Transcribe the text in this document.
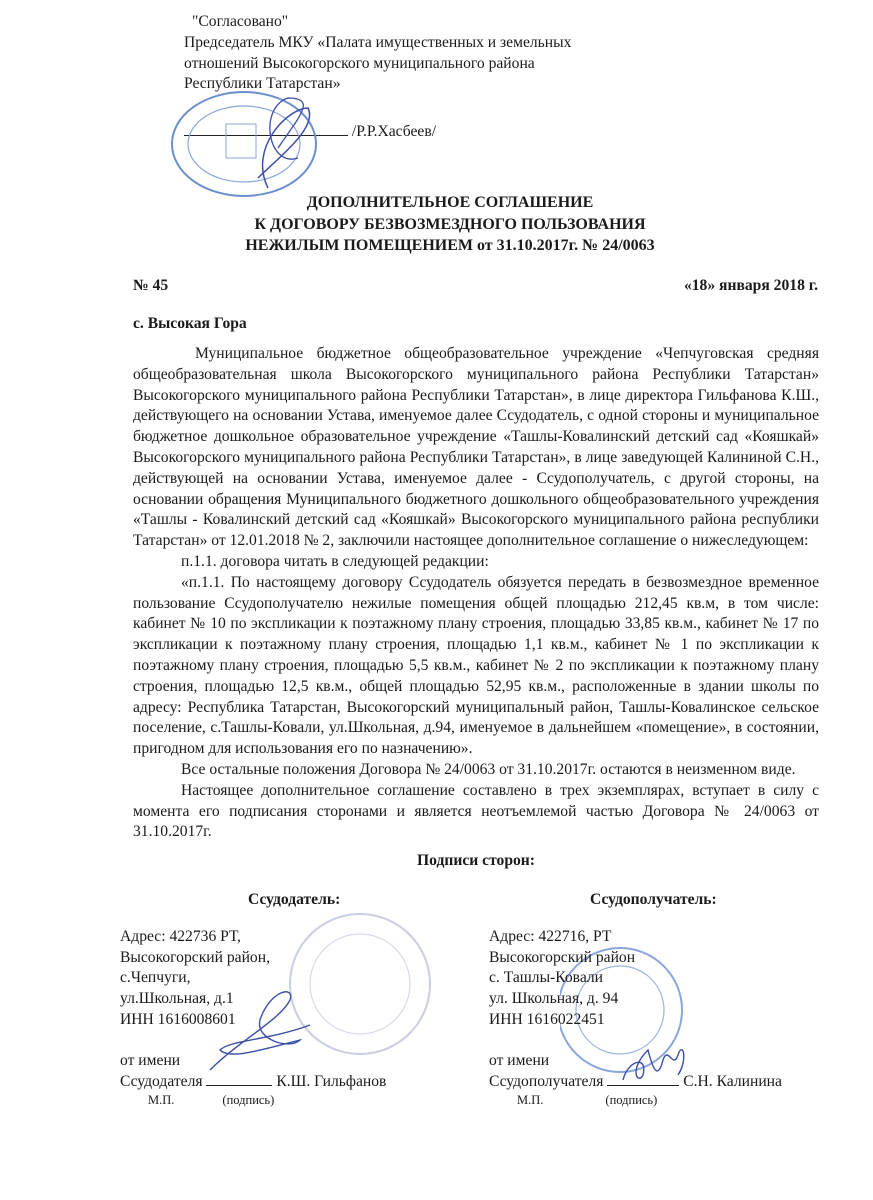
"Согласовано"
Председатель МКУ «Палата имущественных и земельных
отношений Высокогорского муниципального района
Республики Татарстан»
/Р.Р.Хасбеев/
ДОПОЛНИТЕЛЬНОЕ СОГЛАШЕНИЕ
К ДОГОВОРУ БЕЗВОЗМЕЗДНОГО ПОЛЬЗОВАНИЯ
НЕЖИЛЫМ ПОМЕЩЕНИЕМ от 31.10.2017г. № 24/0063
№ 45	«18» января 2018 г.
с. Высокая Гора
Муниципальное бюджетное общеобразовательное учреждение «Чепчуговская средняя общеобразовательная школа Высокогорского муниципального района Республики Татарстан» Высокогорского муниципального района Республики Татарстан», в лице директора Гильфанова К.Ш., действующего на основании Устава, именуемое далее Ссудодатель, с одной стороны и муниципальное бюджетное дошкольное образовательное учреждение «Ташлы-Ковалинский детский сад «Кояшкай» Высокогорского муниципального района Республики Татарстан», в лице заведующей Калининой С.Н., действующей на основании Устава, именуемое далее - Ссудополучатель, с другой стороны, на основании обращения Муниципального бюджетного дошкольного общеобразовательного учреждения «Ташлы - Ковалинский детский сад «Кояшкай» Высокогорского муниципального района республики Татарстан» от 12.01.2018 № 2, заключили настоящее дополнительное соглашение о нижеследующем:
п.1.1. договора читать в следующей редакции:
«п.1.1. По настоящему договору Ссудодатель обязуется передать в безвозмездное временное пользование Ссудополучателю нежилые помещения общей площадью 212,45 кв.м, в том числе: кабинет № 10 по экспликации к поэтажному плану строения, площадью 33,85 кв.м., кабинет № 17 по экспликации к поэтажному плану строения, площадью 1,1 кв.м., кабинет № 1 по экспликации к поэтажному плану строения, площадью 5,5 кв.м., кабинет № 2 по экспликации к поэтажному плану строения, площадью 12,5 кв.м., общей площадью 52,95 кв.м., расположенные в здании школы по адресу: Республика Татарстан, Высокогорский муниципальный район, Ташлы-Ковалинское сельское поселение, с.Ташлы-Ковали, ул.Школьная, д.94, именуемое в дальнейшем «помещение», в состоянии, пригодном для использования его по назначению».
Все остальные положения Договора № 24/0063 от 31.10.2017г. остаются в неизменном виде.
Настоящее дополнительное соглашение составлено в трех экземплярах, вступает в силу с момента его подписания сторонами и является неотъемлемой частью Договора № 24/0063 от 31.10.2017г.
Подписи сторон:
Ссудодатель:
Адрес: 422736 РТ,
Высокогорский район,
с.Чепчуги,
ул.Школьная, д.1
ИНН 1616008601
от имени
Ссудодателя	К.Ш. Гильфанов
М.П.	(подпись)
Ссудополучатель:
Адрес: 422716, РТ
Высокогорский район
с. Ташлы-Ковали
ул. Школьная, д. 94
ИНН 1616022451
от имени
Ссудополучателя	С.Н. Калинина
М.П.	(подпись)
